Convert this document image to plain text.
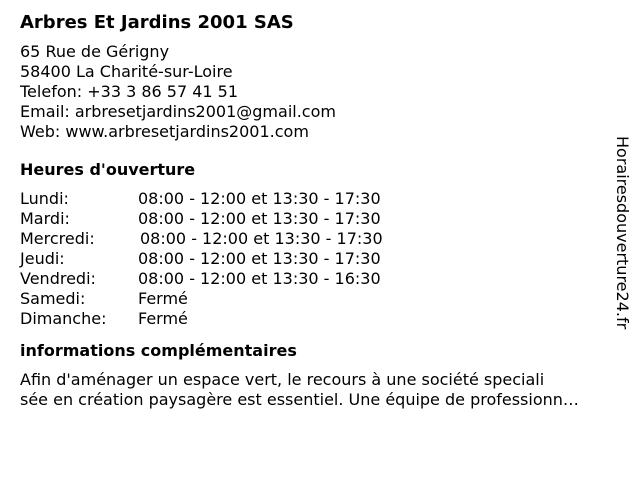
Arbres Et Jardins 2001 SAS
65 Rue de Gérigny
58400 La Charité-sur-Loire
Telefon: +33 3 86 57 41 51
Email: arbresetjardins2001@gmail.com
Web: www.arbresetjardins2001.com
Heures d'ouverture
Lundi:	08:00 - 12:00 et 13:30 - 17:30
Mardi:	08:00 - 12:00 et 13:30 - 17:30
Mercredi:	08:00 - 12:00 et 13:30 - 17:30
Jeudi:	08:00 - 12:00 et 13:30 - 17:30
Vendredi:	08:00 - 12:00 et 13:30 - 16:30
Samedi:	Fermé
Dimanche:	Fermé
informations complémentaires
Afin d'aménager un espace vert, le recours à une société speciali
sée en création paysagère est essentiel. Une équipe de professionn…
Horairesdouverture24.fr
